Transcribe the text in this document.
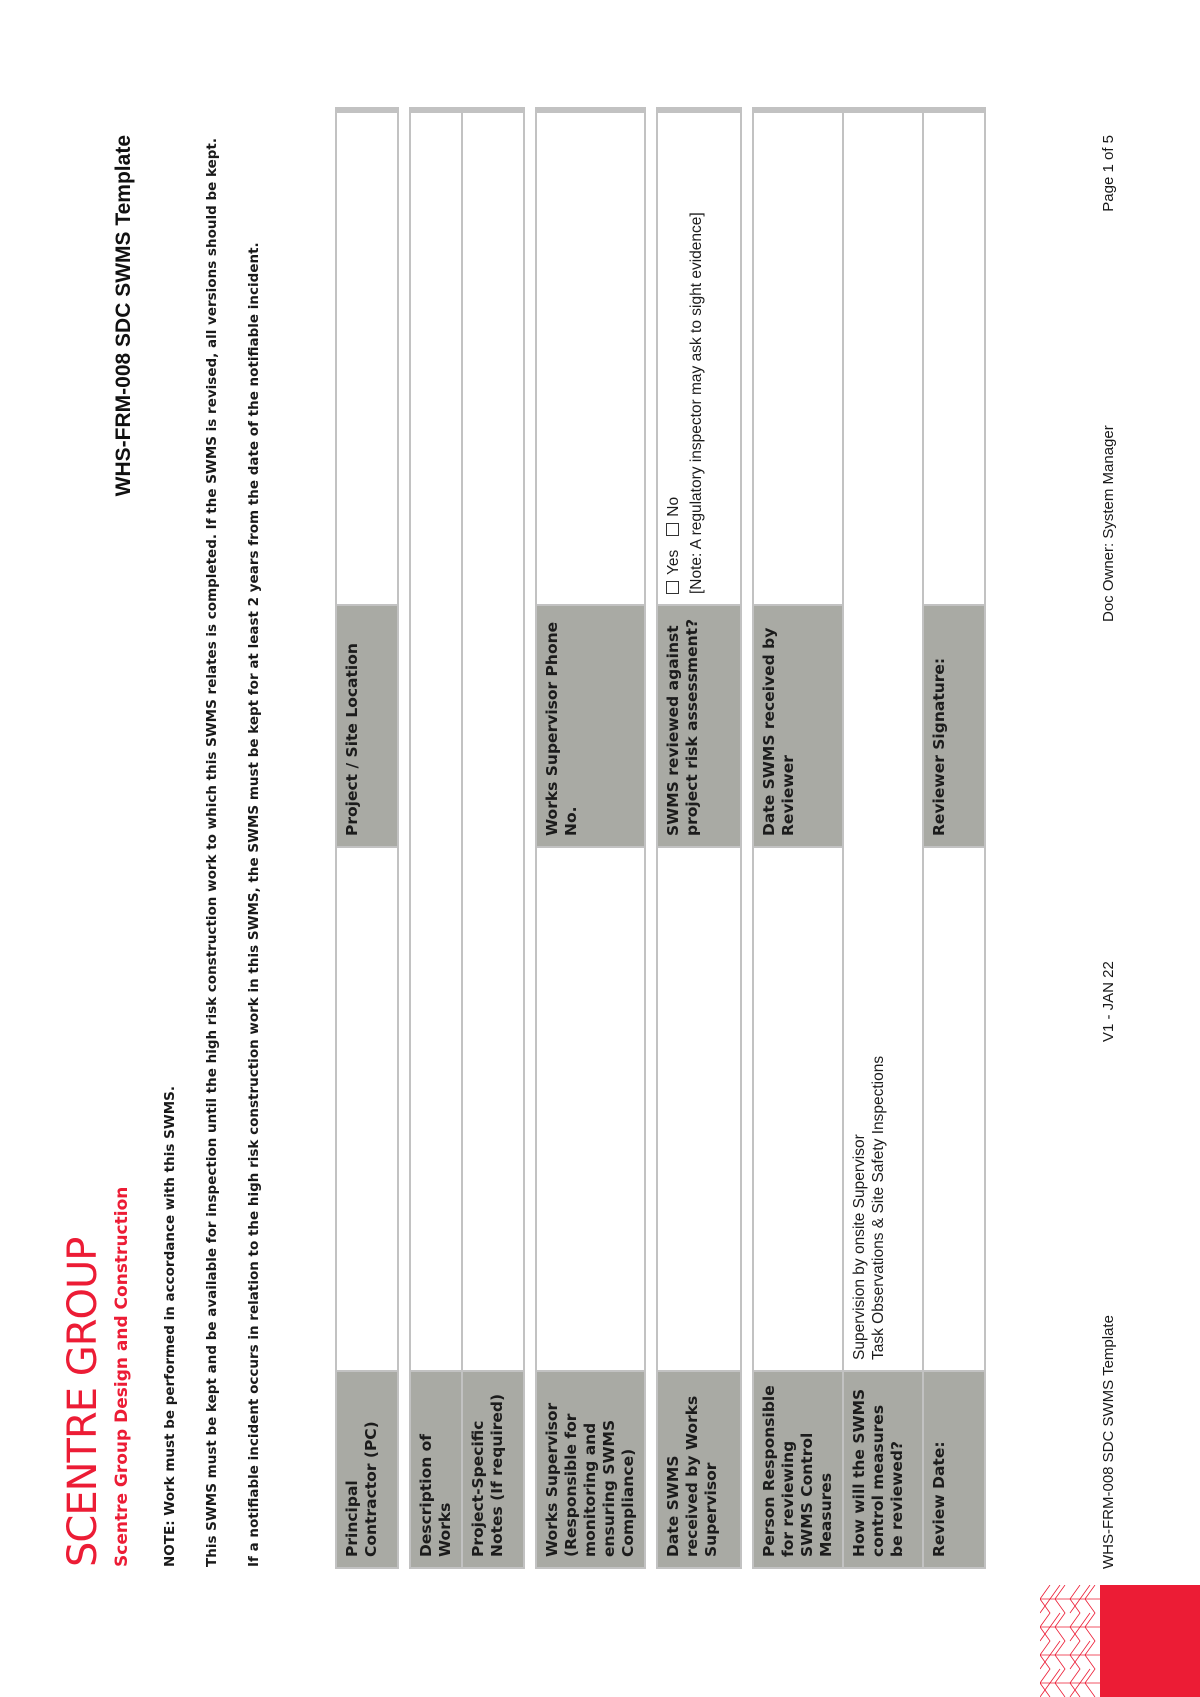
SCENTRE GROUP Scentre Group Design and Construction
WHS-FRM-008 SDC SWMS Template

NOTE: Work must be performed in accordance with this SWMS. This SWMS must be kept and be available for inspection until the high risk construction work to which this SWMS relates is completed. If the SWMS is revised, all versions should be kept. If a notifiable incident occurs in relation to the high risk construction work in this SWMS, the SWMS must be kept for at least 2 years from the date of the notifiable incident.	Principal Contractor (PC)
Project / Site Location
Description of Works Project-Specific Notes (If required)	Works Supervisor (Responsible for monitoring and ensuring SWMS Compliance)
Works Supervisor Phone No.
Date SWMS received by Works Supervisor
SWMS reviewed against project risk assessment?
YesNo [Note: A regulatory inspector may ask to sight evidence]
Person Responsible for reviewing SWMS Control Measures
Date SWMS received by Reviewer
How will the SWMS control measures be reviewed?
Supervision by onsite Supervisor Task Observations & Site Safety Inspections
Review Date:
Reviewer Signature:
WHS-FRM-008 SDC SWMS Template
V1 - JAN 22
Doc Owner: System Manager
Page 1 of 5
